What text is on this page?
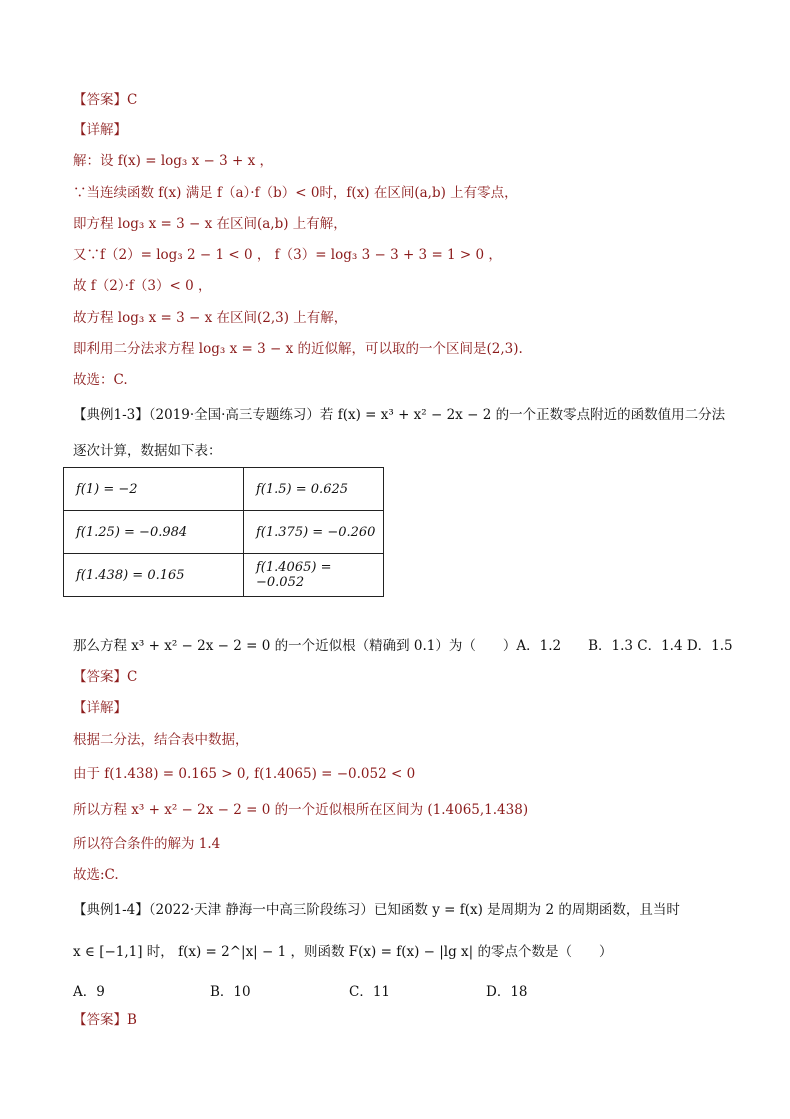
【答案】C
【详解】
解：设 f(x) = log₃ x − 3 + x ，
∵当连续函数 f(x) 满足 f（a）·f（b）< 0时，f(x) 在区间(a,b) 上有零点，
即方程 log₃ x = 3 − x 在区间(a,b) 上有解，
又∵f（2）= log₃ 2 − 1 < 0 ， f（3）= log₃ 3 − 3 + 3 = 1 > 0 ，
故 f（2）·f（3）< 0 ，
故方程 log₃ x = 3 − x 在区间(2,3) 上有解，
即利用二分法求方程 log₃ x = 3 − x 的近似解，可以取的一个区间是(2,3).
故选：C.
【典例1-3】（2019·全国·高三专题练习）若 f(x) = x³ + x² − 2x − 2 的一个正数零点附近的函数值用二分法
逐次计算，数据如下表：
f(1) = −2	f(1.5) = 0.625
f(1.25) = −0.984	f(1.375) = −0.260
f(1.438) = 0.165	f(1.4065) = −0.052
那么方程 x³ + x² − 2x − 2 = 0 的一个近似根（精确到 0.1）为（　　）A．1.2　　B．1.3 C．1.4 D．1.5
【答案】C
【详解】
根据二分法，结合表中数据，
由于 f(1.438) = 0.165 > 0, f(1.4065) = −0.052 < 0
所以方程 x³ + x² − 2x − 2 = 0 的一个近似根所在区间为 (1.4065,1.438)
所以符合条件的解为 1.4
故选:C.
【典例1-4】（2022·天津 静海一中高三阶段练习）已知函数 y = f(x) 是周期为 2 的周期函数，且当时
x ∈ [−1,1] 时， f(x) = 2^|x| − 1 ，则函数 F(x) = f(x) − |lg x| 的零点个数是（　　）
A．9	B．10	C．11	D．18
【答案】B
